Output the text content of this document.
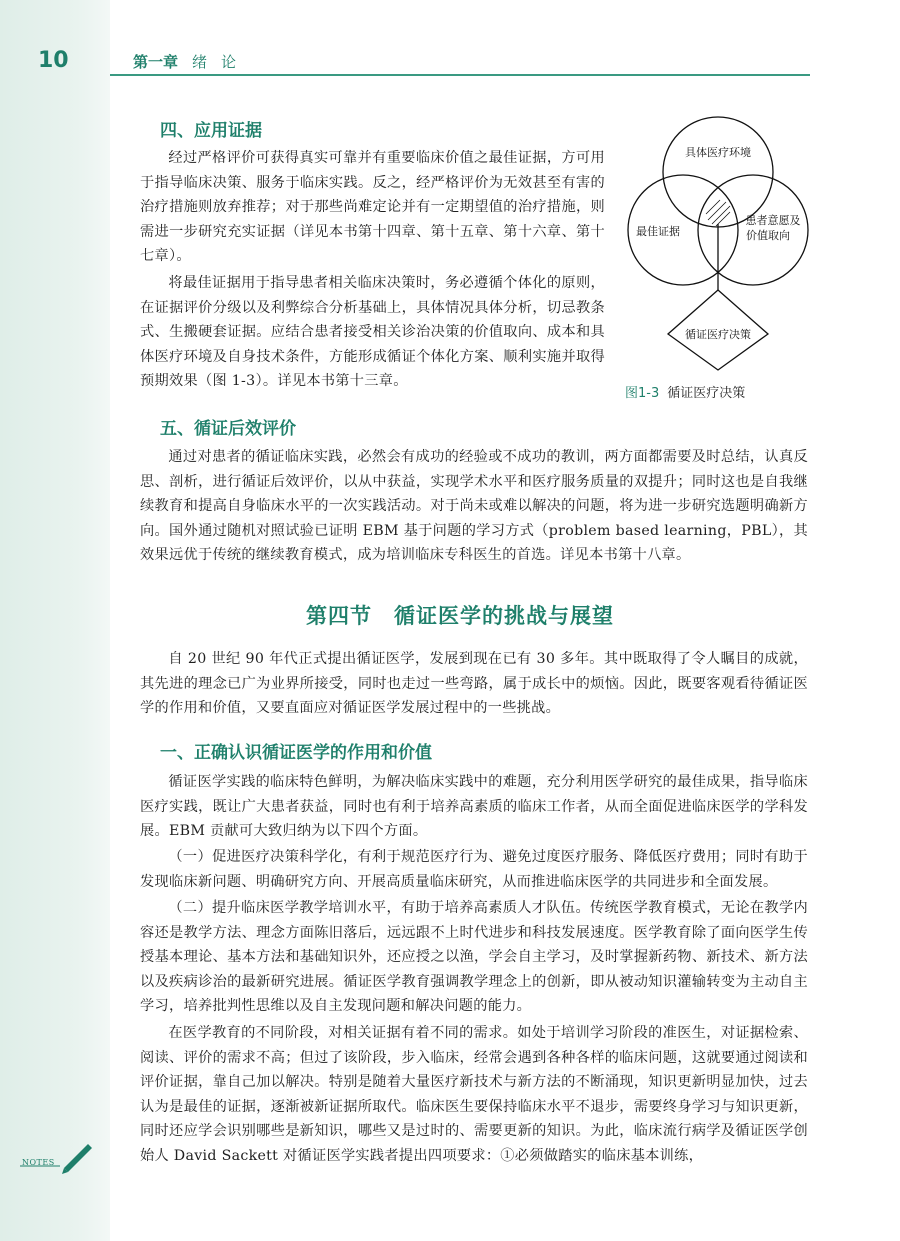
10	第一章 绪论
四、应用证据

经过严格评价可获得真实可靠并有重要临床价值之最佳证据，方可用于指导临床决策、服务于临床实践。反之，经严格评价为无效甚至有害的治疗措施则放弃推荐；对于那些尚难定论并有一定期望值的治疗措施，则需进一步研究充实证据（详见本书第十四章、第十五章、第十六章、第十七章）。

将最佳证据用于指导患者相关临床决策时，务必遵循个体化的原则，在证据评价分级以及利弊综合分析基础上，具体情况具体分析，切忌教条式、生搬硬套证据。应结合患者接受相关诊治决策的价值取向、成本和具体医疗环境及自身技术条件，方能形成循证个体化方案、顺利实施并取得预期效果（图 1-3）。详见本书第十三章。

具体医疗环境
最佳证据
患者意愿及
价值取向
循证医疗决策
图1-3 循证医疗决策
五、循证后效评价

通过对患者的循证临床实践，必然会有成功的经验或不成功的教训，两方面都需要及时总结，认真反思、剖析，进行循证后效评价，以从中获益，实现学术水平和医疗服务质量的双提升；同时这也是自我继续教育和提高自身临床水平的一次实践活动。对于尚未或难以解决的问题，将为进一步研究选题明确新方向。国外通过随机对照试验已证明 EBM 基于问题的学习方式（problem based learning，PBL），其效果远优于传统的继续教育模式，成为培训临床专科医生的首选。详见本书第十八章。

第四节　循证医学的挑战与展望

自 20 世纪 90 年代正式提出循证医学，发展到现在已有 30 多年。其中既取得了令人瞩目的成就，其先进的理念已广为业界所接受，同时也走过一些弯路，属于成长中的烦恼。因此，既要客观看待循证医学的作用和价值，又要直面应对循证医学发展过程中的一些挑战。

一、正确认识循证医学的作用和价值

循证医学实践的临床特色鲜明，为解决临床实践中的难题，充分利用医学研究的最佳成果，指导临床医疗实践，既让广大患者获益，同时也有利于培养高素质的临床工作者，从而全面促进临床医学的学科发展。EBM 贡献可大致归纳为以下四个方面。

（一）促进医疗决策科学化，有利于规范医疗行为、避免过度医疗服务、降低医疗费用；同时有助于发现临床新问题、明确研究方向、开展高质量临床研究，从而推进临床医学的共同进步和全面发展。

（二）提升临床医学教学培训水平，有助于培养高素质人才队伍。传统医学教育模式，无论在教学内容还是教学方法、理念方面陈旧落后，远远跟不上时代进步和科技发展速度。医学教育除了面向医学生传授基本理论、基本方法和基础知识外，还应授之以渔，学会自主学习，及时掌握新药物、新技术、新方法以及疾病诊治的最新研究进展。循证医学教育强调教学理念上的创新，即从被动知识灌输转变为主动自主学习，培养批判性思维以及自主发现问题和解决问题的能力。

在医学教育的不同阶段，对相关证据有着不同的需求。如处于培训学习阶段的准医生，对证据检索、阅读、评价的需求不高；但过了该阶段，步入临床，经常会遇到各种各样的临床问题，这就要通过阅读和评价证据，靠自己加以解决。特别是随着大量医疗新技术与新方法的不断涌现，知识更新明显加快，过去认为是最佳的证据，逐渐被新证据所取代。临床医生要保持临床水平不退步，需要终身学习与知识更新，同时还应学会识别哪些是新知识，哪些又是过时的、需要更新的知识。为此，临床流行病学及循证医学创始人 David Sackett 对循证医学实践者提出四项要求：①必须做踏实的临床基本训练，

NOTES
